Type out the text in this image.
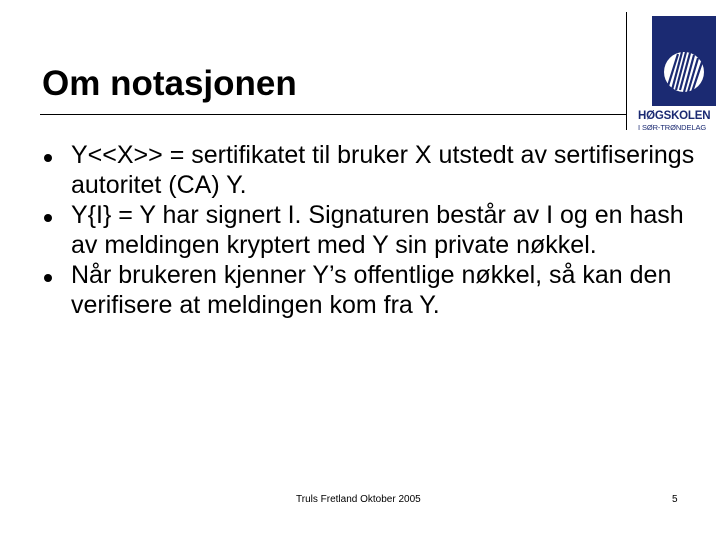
Om notasjonen
HØGSKOLEN
I SØR-TRØNDELAG
Y<<X>> = sertifikatet til bruker X utstedt av sertifiserings autoritet (CA) Y.
Y{I} = Y har signert I. Signaturen består av I og en hash av meldingen kryptert med Y sin private nøkkel.
Når brukeren kjenner Y’s offentlige nøkkel, så kan den verifisere at meldingen kom fra Y.
Truls Fretland Oktober 2005	5
